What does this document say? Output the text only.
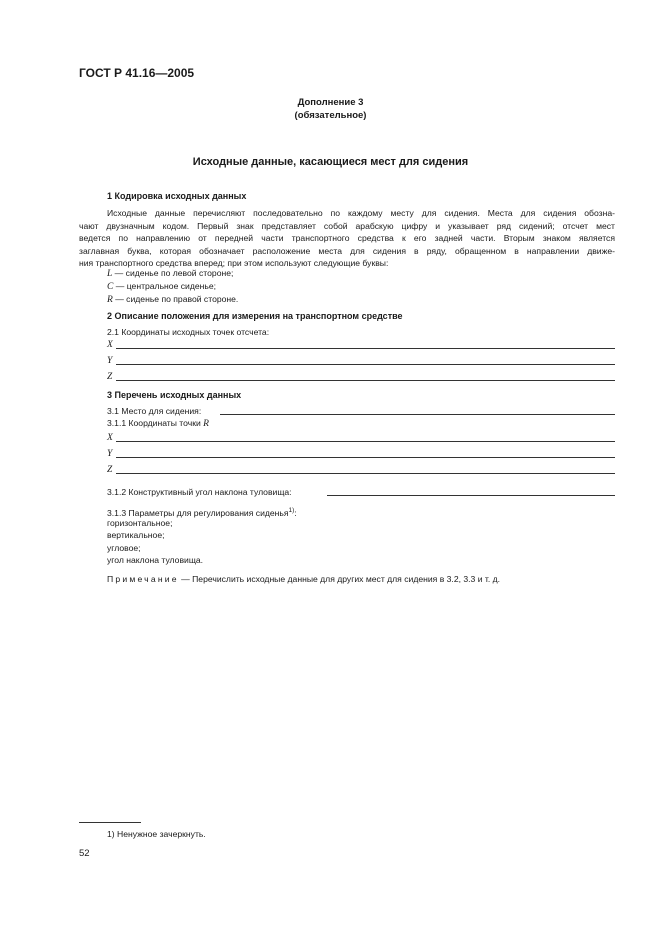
ГОСТ Р 41.16—2005
Дополнение 3
(обязательное)
Исходные данные, касающиеся мест для сидения
1 Кодировка исходных данных
Исходные данные перечисляют последовательно по каждому месту для сидения. Места для сидения обозна-
чают двузначным кодом. Первый знак представляет собой арабскую цифру и указывает ряд сидений; отсчет мест
ведется по направлению от передней части транспортного средства к его задней части. Вторым знаком является
заглавная буква, которая обозначает расположение места для сидения в ряду, обращенном в направлении движе-
ния транспортного средства вперед; при этом используют следующие буквы:
L — сиденье по левой стороне;
C — центральное сиденье;
R — сиденье по правой стороне.
2 Описание положения для измерения на транспортном средстве
2.1 Координаты исходных точек отсчета:
X
Y
Z
3 Перечень исходных данных
3.1 Место для сидения:
3.1.1 Координаты точки R
X
Y
Z
3.1.2 Конструктивный угол наклона туловища:
3.1.3 Параметры для регулирования сиденья$^{1)}$:
горизонтальное;
вертикальное;
угловое;
угол наклона туловища.
Примечание — Перечислить исходные данные для других мест для сидения в 3.2, 3.3 и т. д.
1) Ненужное зачеркнуть.
52
